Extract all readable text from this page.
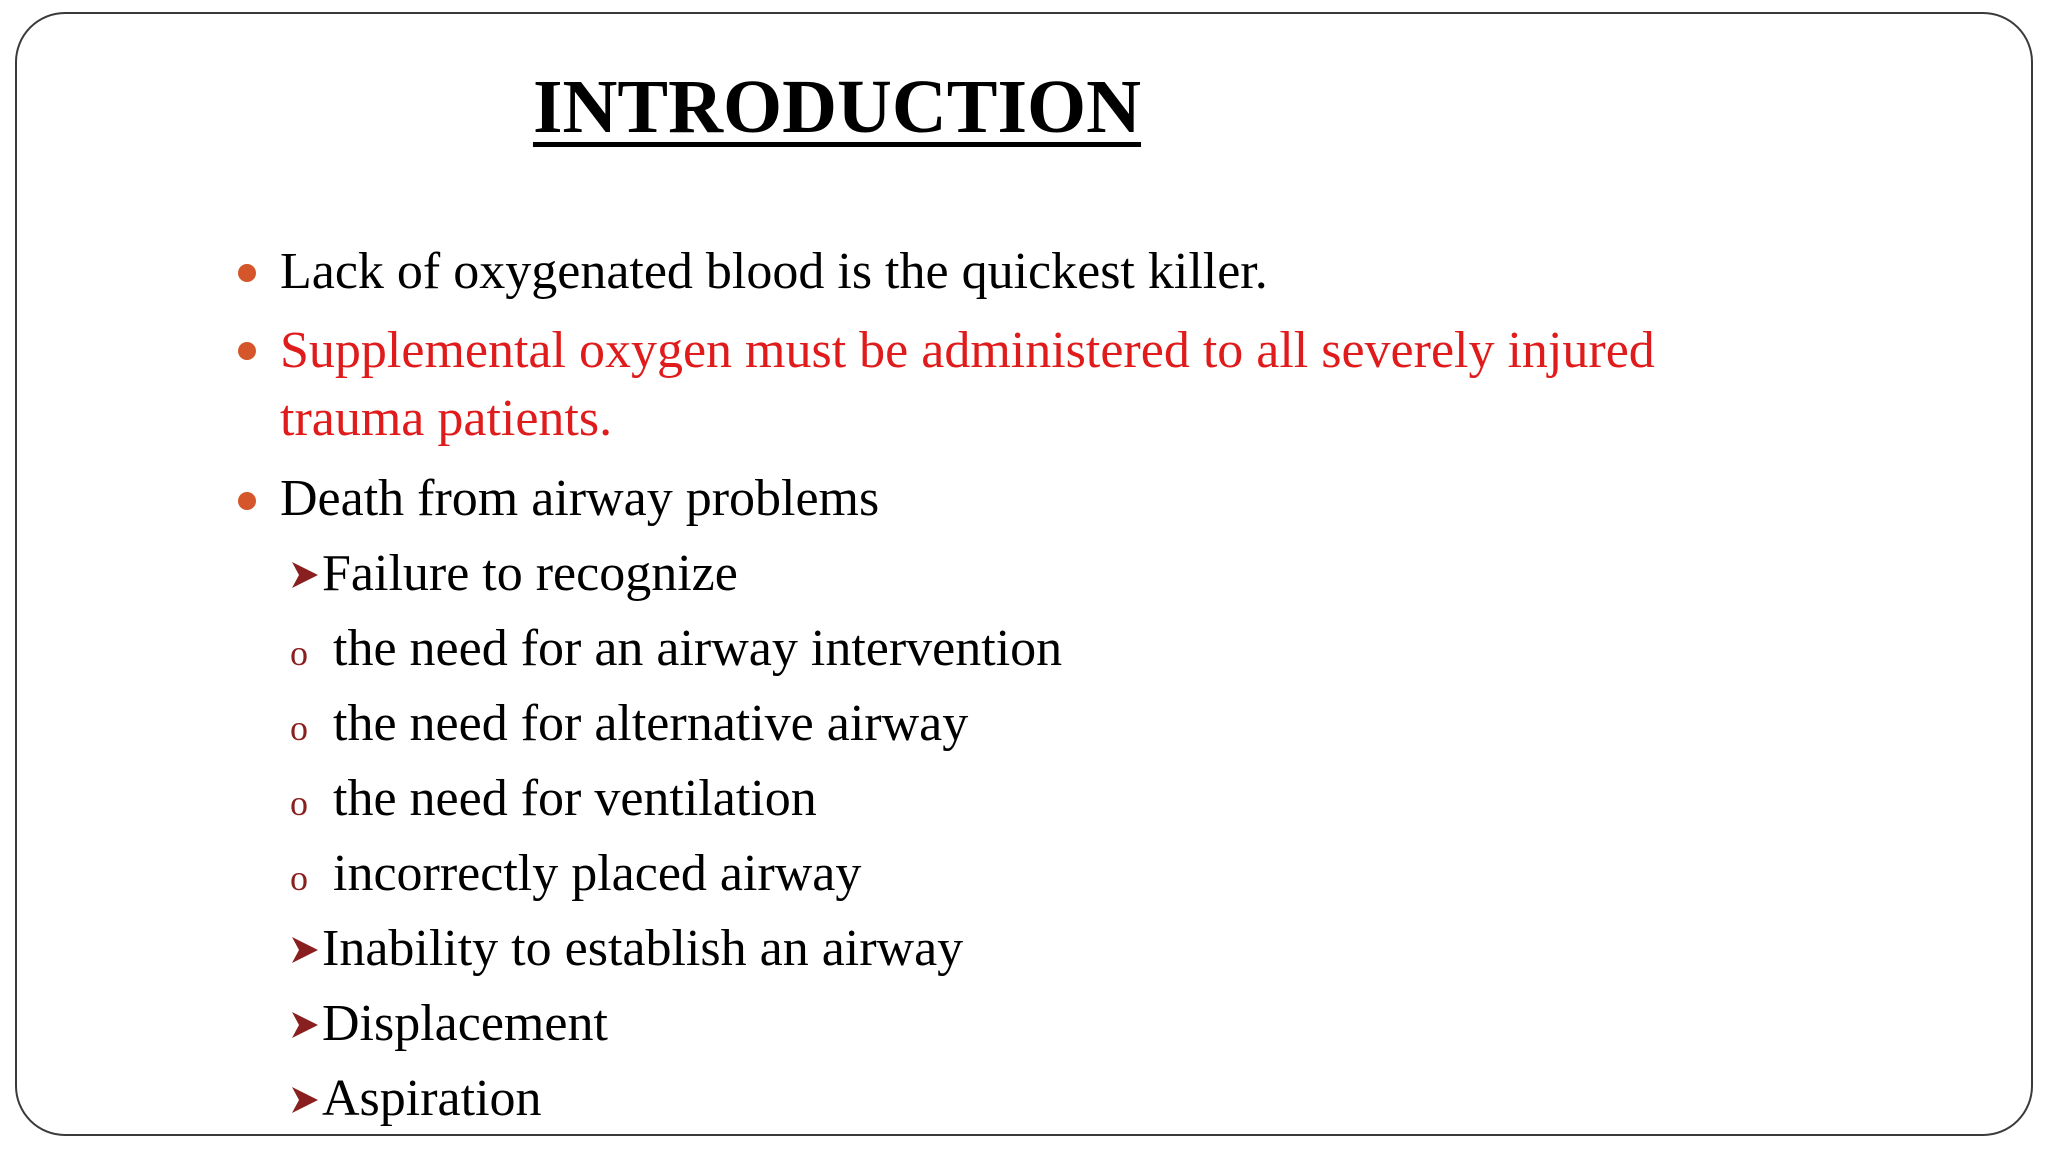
INTRODUCTION
Lack of oxygenated blood is the quickest killer.
Supplemental oxygen must be administered to all severely injured
trauma patients.
Death from airway problems
Failure to recognize
o the need for an airway intervention
o the need for alternative airway
o the need for ventilation
o incorrectly placed airway
Inability to establish an airway
Displacement
Aspiration
